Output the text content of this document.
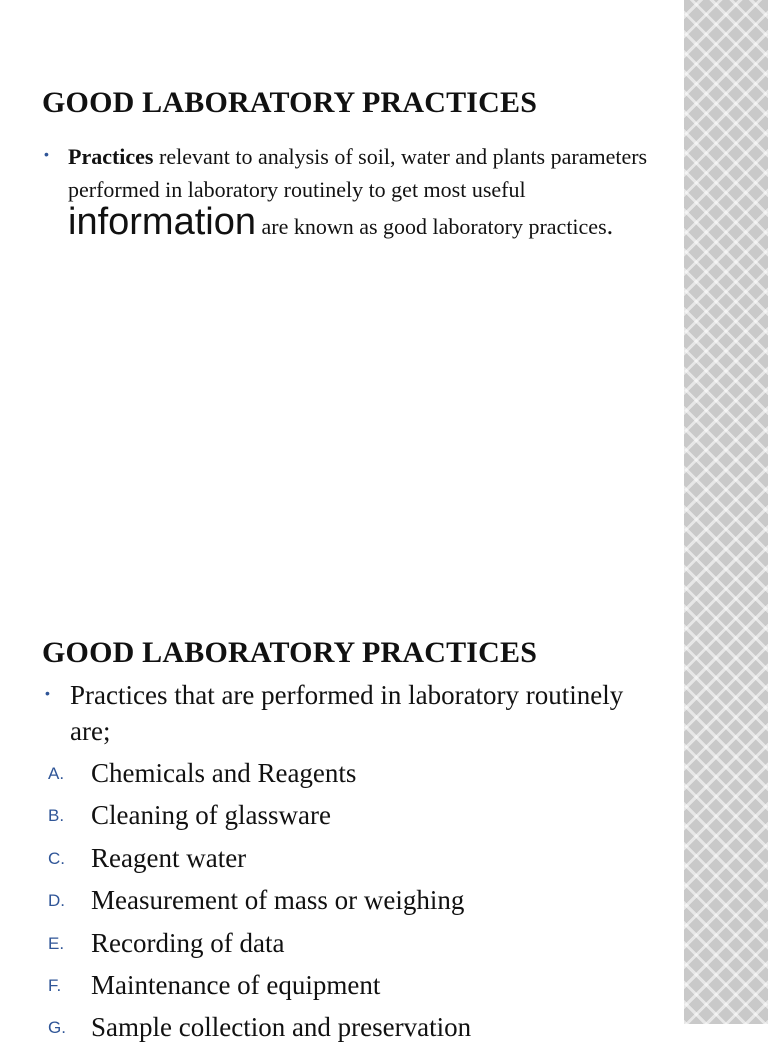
GOOD LABORATORY PRACTICES
• Practices relevant to analysis of soil, water and plants parameters performed in laboratory routinely to get most useful information are known as good laboratory practices.
GOOD LABORATORY PRACTICES
• Practices that are performed in laboratory routinely are;
A. Chemicals and Reagents
B. Cleaning of glassware
C. Reagent water
D. Measurement of mass or weighing
E. Recording of data
F. Maintenance of equipment
G. Sample collection and preservation
